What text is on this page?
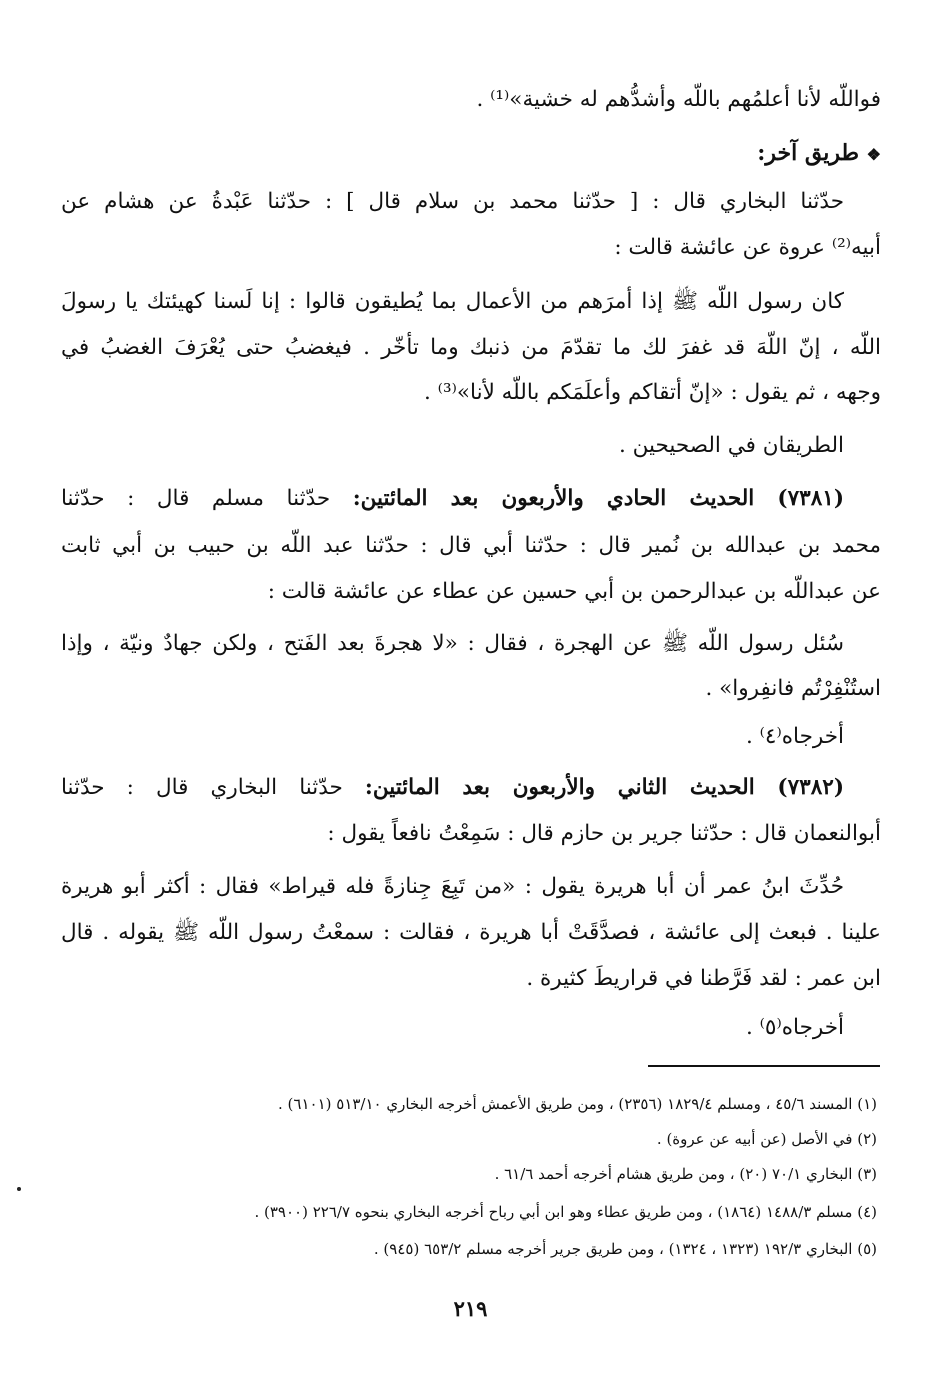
فواللّه لأنا أعلمُهم باللّه وأشدُّهم له خشية»⁽¹⁾ .
❖ طريق آخر:
حدّثنا البخاري قال : [ حدّثنا محمد بن سلام قال ] : حدّثنا عَبْدةُ عن هشام عن
أبيه⁽²⁾ عروة عن عائشة قالت :
كان رسول اللّه ﷺ إذا أمرَهم من الأعمال بما يُطيقون قالوا : إنا لَسنا كهيئتك يا رسولَ
اللّه ، إنّ اللّهَ قد غفرَ لك ما تقدّمَ من ذنبك وما تأخّر . فيغضبُ حتى يُعْرَفَ الغضبُ في
وجهه ، ثم يقول : «إنّ أتقاكم وأعلَمَكم باللّه لأنا»⁽³⁾ .
الطريقان في الصحيحين .
(٧٣٨١) الحديث الحادي والأربعون بعد المائتين: حدّثنا مسلم قال : حدّثنا
محمد بن عبدالله بن نُمير قال : حدّثنا أبي قال : حدّثنا عبد اللّه بن حبيب بن أبي ثابت
عن عبداللّه بن عبدالرحمن بن أبي حسين عن عطاء عن عائشة قالت :
سُئل رسول اللّه ﷺ عن الهجرة ، فقال : «لا هجرةَ بعد الفَتح ، ولكن جهادٌ ونيّة ، وإذا
استُنْفِرْتُم فانفِروا» .
أخرجاه⁽٤⁾ .
(٧٣٨٢) الحديث الثاني والأربعون بعد المائتين: حدّثنا البخاري قال : حدّثنا
أبوالنعمان قال : حدّثنا جرير بن حازم قال : سَمِعْتُ نافعاً يقول :
حُدِّثَ ابنُ عمر أن أبا هريرة يقول : «من تَبِعَ جِنازةً فله قيراط» فقال : أكثر أبو هريرة
علينا . فبعث إلى عائشة ، فصدَّقَتْ أبا هريرة ، فقالت : سمعْتُ رسول اللّه ﷺ يقوله . قال
ابن عمر : لقد فَرَّطنا في قراريطَ كثيرة .
أخرجاه⁽٥⁾ .
(١) المسند ٤٥/٦ ، ومسلم ١٨٢٩/٤ (٢٣٥٦) ، ومن طريق الأعمش أخرجه البخاري ٥١٣/١٠ (٦١٠١) .
(٢) في الأصل (عن أبيه عن عروة) .
(٣) البخاري ٧٠/١ (٢٠) ، ومن طريق هشام أخرجه أحمد ٦١/٦ .
(٤) مسلم ١٤٨٨/٣ (١٨٦٤) ، ومن طريق عطاء وهو ابن أبي رباح أخرجه البخاري بنحوه ٢٢٦/٧ (٣٩٠٠) .
(٥) البخاري ١٩٢/٣ (١٣٢٣ ، ١٣٢٤) ، ومن طريق جرير أخرجه مسلم ٦٥٣/٢ (٩٤٥) .
٢١٩
